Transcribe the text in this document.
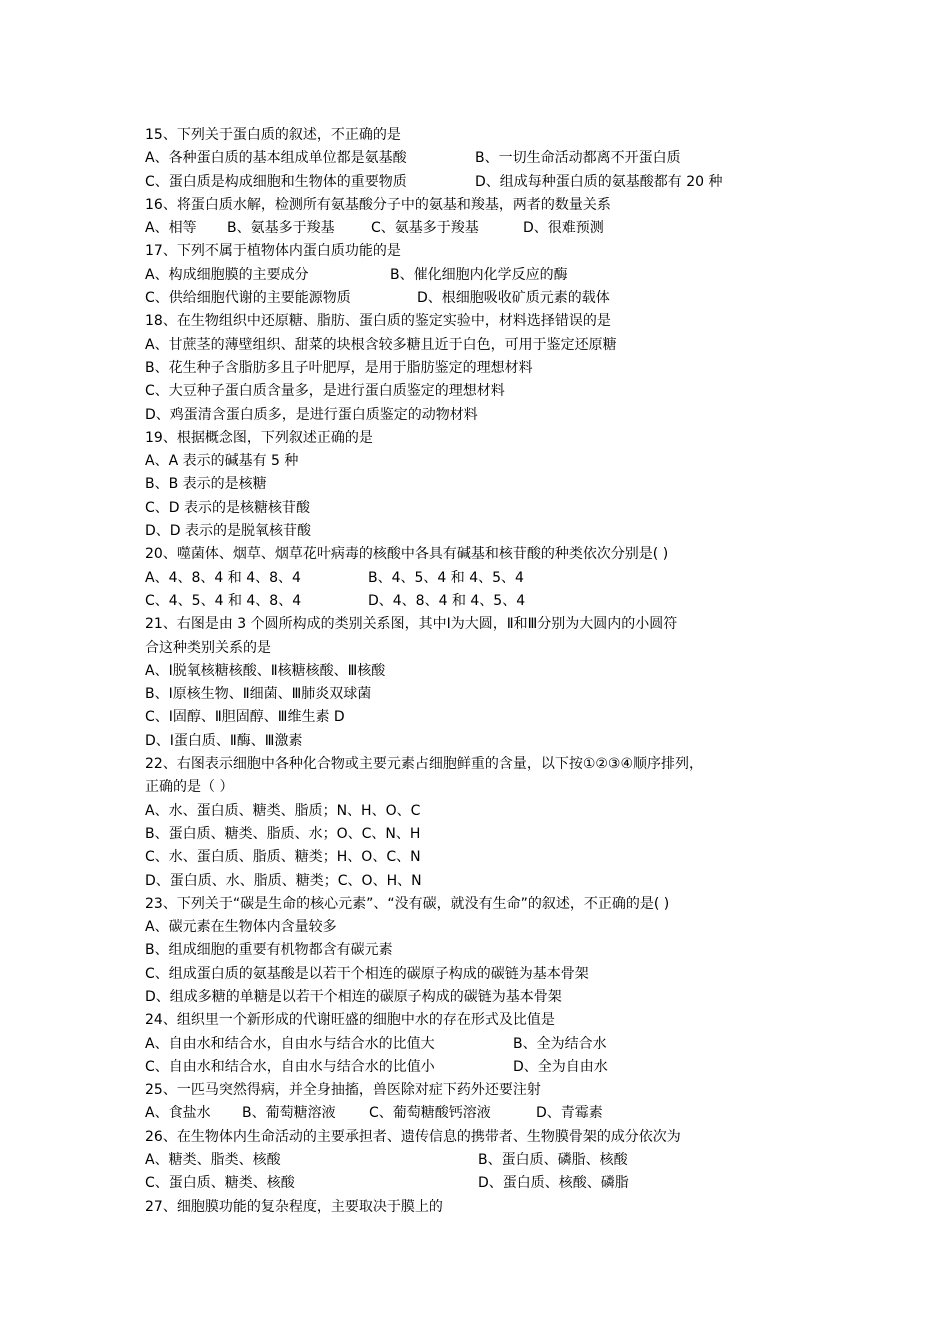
15、下列关于蛋白质的叙述，不正确的是
A、各种蛋白质的基本组成单位都是氨基酸	B、一切生命活动都离不开蛋白质
C、蛋白质是构成细胞和生物体的重要物质	D、组成每种蛋白质的氨基酸都有 20 种
16、将蛋白质水解，检测所有氨基酸分子中的氨基和羧基，两者的数量关系
A、相等 B、氨基多于羧基	C、氨基多于羧基	D、很难预测
17、下列不属于植物体内蛋白质功能的是
A、构成细胞膜的主要成分	B、催化细胞内化学反应的酶
C、供给细胞代谢的主要能源物质	D、根细胞吸收矿质元素的载体
18、在生物组织中还原糖、脂肪、蛋白质的鉴定实验中，材料选择错误的是
A、甘蔗茎的薄壁组织、甜菜的块根含较多糖且近于白色，可用于鉴定还原糖
B、花生种子含脂肪多且子叶肥厚，是用于脂肪鉴定的理想材料
C、大豆种子蛋白质含量多，是进行蛋白质鉴定的理想材料
D、鸡蛋清含蛋白质多，是进行蛋白质鉴定的动物材料
19、根据概念图，下列叙述正确的是
A、A 表示的碱基有 5 种
B、B 表示的是核糖
C、D 表示的是核糖核苷酸
D、D 表示的是脱氧核苷酸
20、噬菌体、烟草、烟草花叶病毒的核酸中各具有碱基和核苷酸的种类依次分别是( )
A、4、8、4 和 4、8、4	B、4、5、4 和 4、5、4
C、4、5、4 和 4、8、4	D、4、8、4 和 4、5、4
21、右图是由 3 个圆所构成的类别关系图，其中Ⅰ为大圆，Ⅱ和Ⅲ分别为大圆内的小圆符
合这种类别关系的是
A、Ⅰ脱氧核糖核酸、Ⅱ核糖核酸、Ⅲ核酸
B、Ⅰ原核生物、Ⅱ细菌、Ⅲ肺炎双球菌
C、Ⅰ固醇、Ⅱ胆固醇、Ⅲ维生素 D
D、Ⅰ蛋白质、Ⅱ酶、Ⅲ激素
22、右图表示细胞中各种化合物或主要元素占细胞鲜重的含量，以下按①②③④顺序排列，
正确的是（ ）
A、水、蛋白质、糖类、脂质；N、H、O、C
B、蛋白质、糖类、脂质、水；O、C、N、H
C、水、蛋白质、脂质、糖类；H、O、C、N
D、蛋白质、水、脂质、糖类；C、O、H、N
23、下列关于“碳是生命的核心元素”、“没有碳，就没有生命”的叙述，不正确的是( )
A、碳元素在生物体内含量较多
B、组成细胞的重要有机物都含有碳元素
C、组成蛋白质的氨基酸是以若干个相连的碳原子构成的碳链为基本骨架
D、组成多糖的单糖是以若干个相连的碳原子构成的碳链为基本骨架
24、组织里一个新形成的代谢旺盛的细胞中水的存在形式及比值是
A、自由水和结合水，自由水与结合水的比值大	B、全为结合水
C、自由水和结合水，自由水与结合水的比值小	D、全为自由水
25、一匹马突然得病，并全身抽搐，兽医除对症下药外还要注射
A、食盐水 B、葡萄糖溶液 C、葡萄糖酸钙溶液	D、青霉素
26、在生物体内生命活动的主要承担者、遗传信息的携带者、生物膜骨架的成分依次为
A、糖类、脂类、核酸	B、蛋白质、磷脂、核酸
C、蛋白质、糖类、核酸	D、蛋白质、核酸、磷脂
27、细胞膜功能的复杂程度，主要取决于膜上的
